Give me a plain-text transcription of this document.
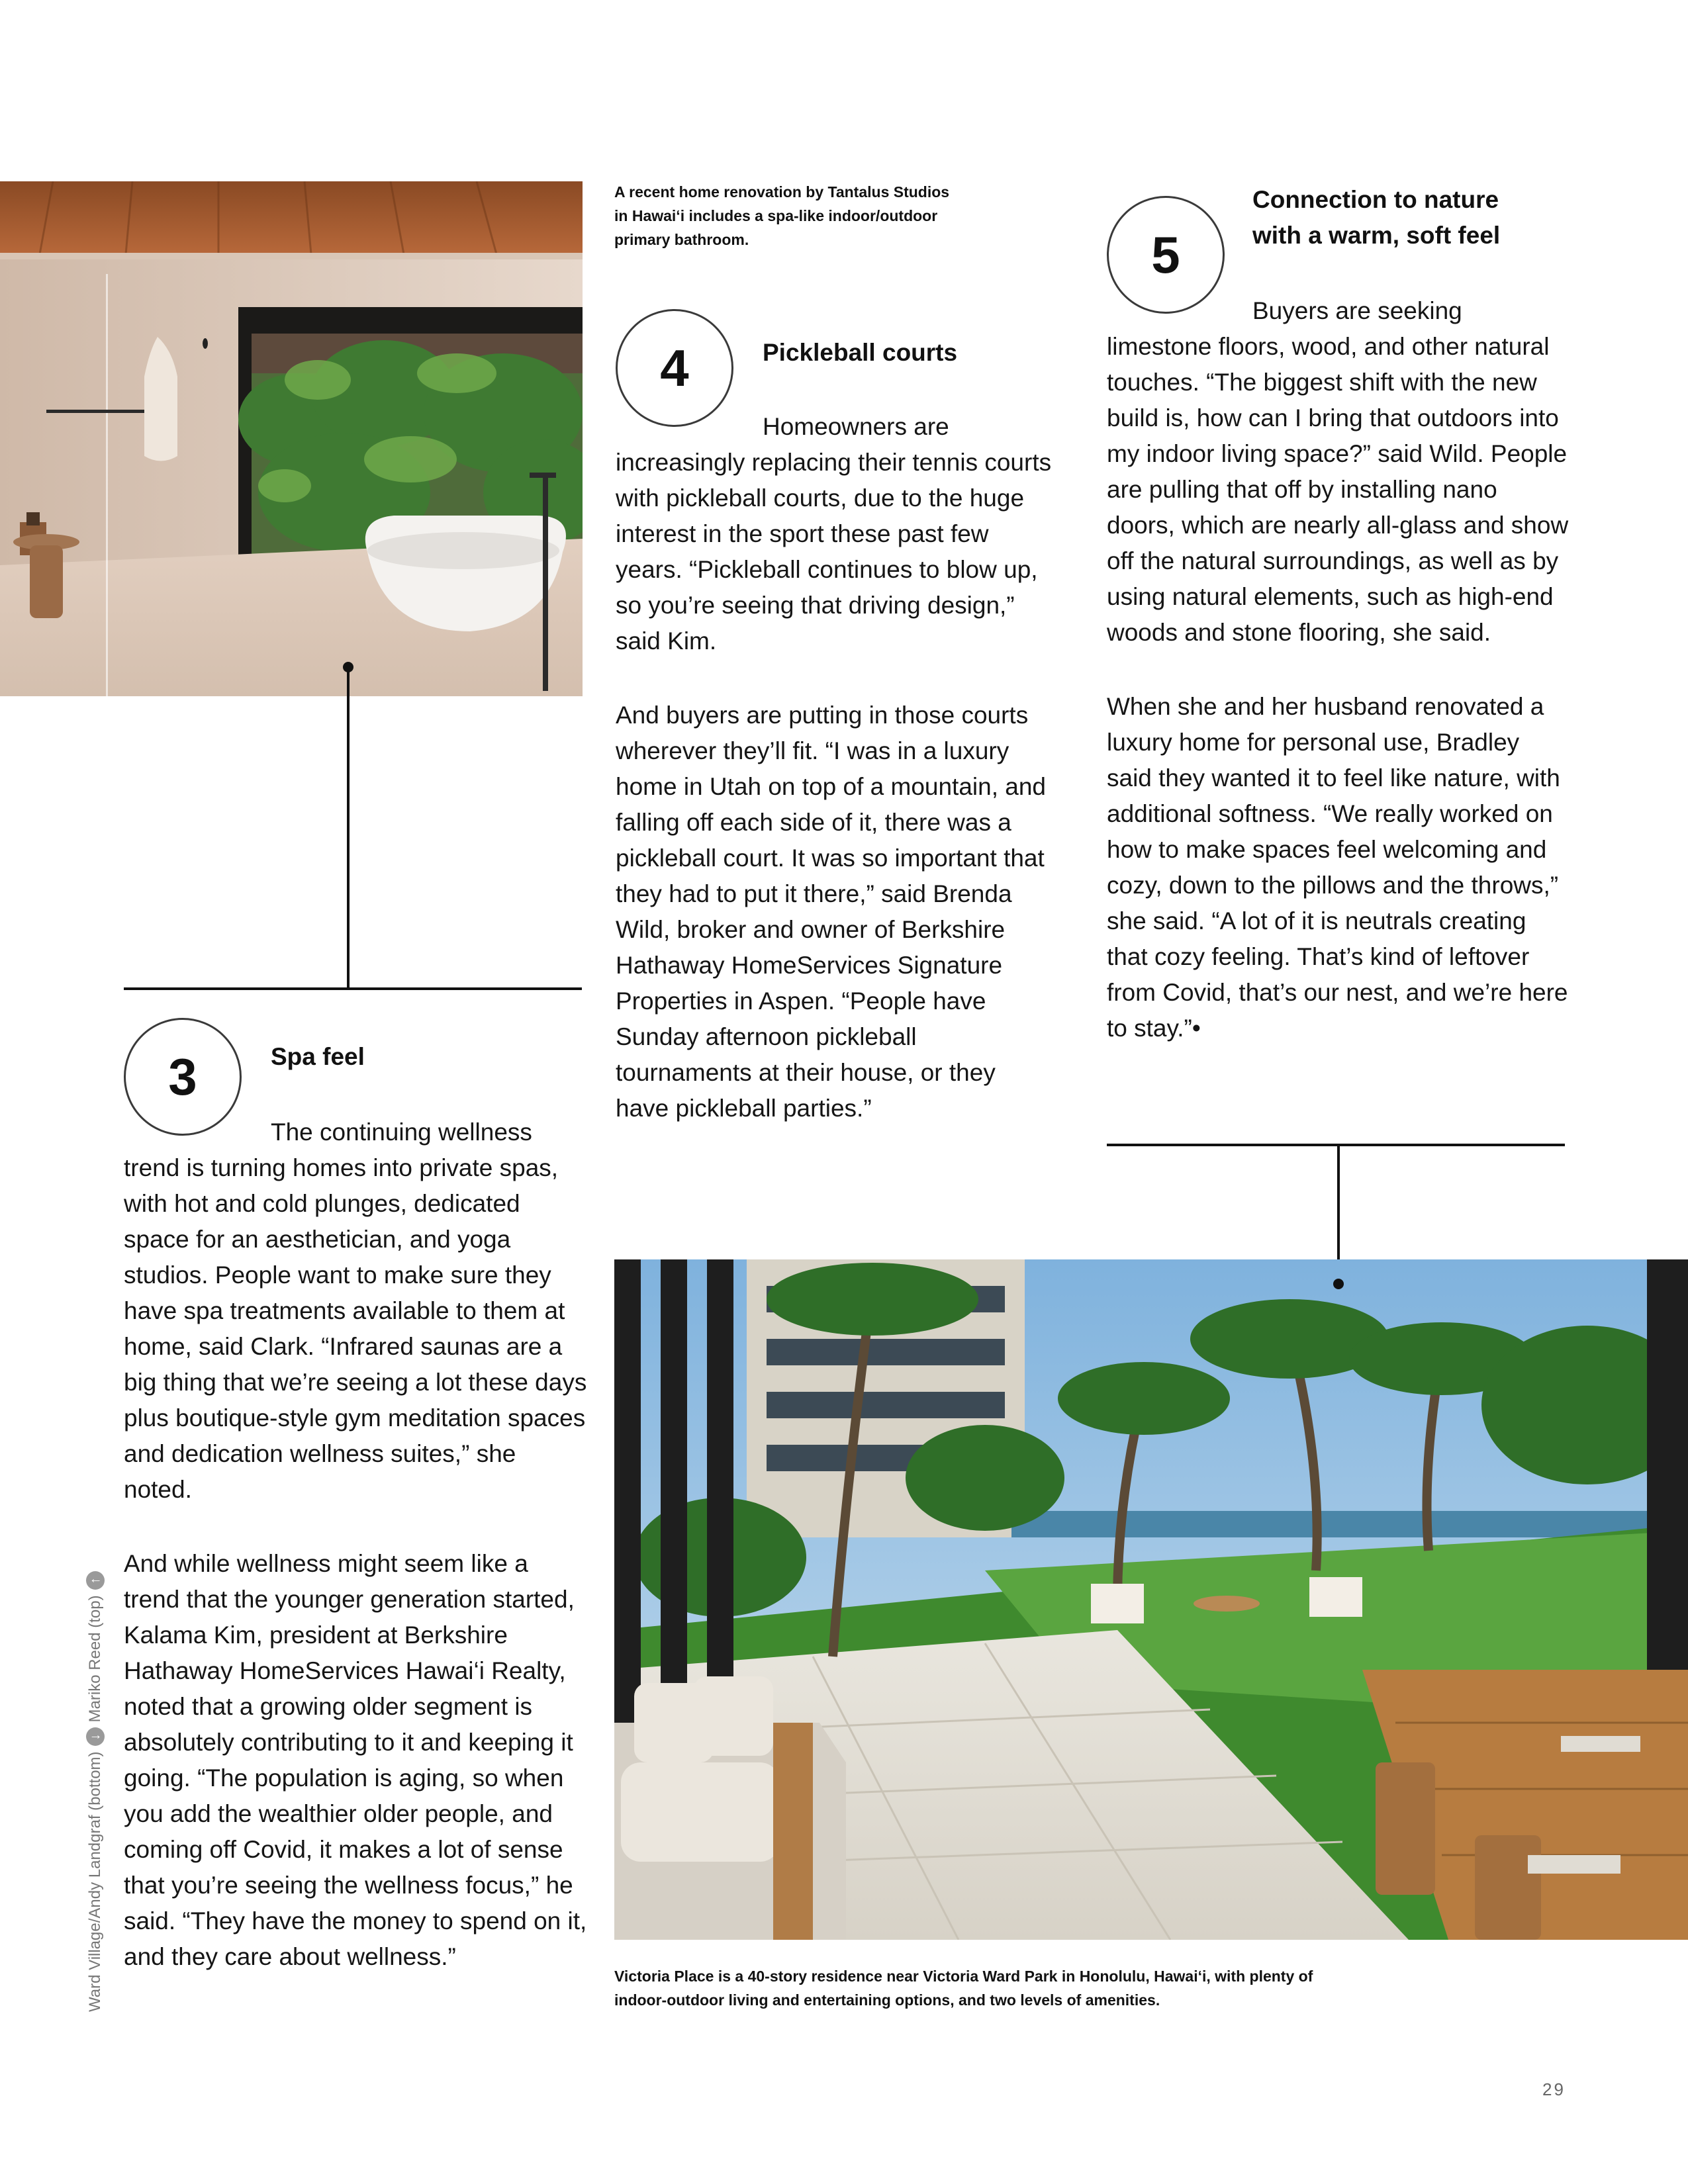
A recent home renovation by Tantalus Studios in Hawai‘i includes a spa-like indoor/outdoor primary bathroom.
3	Spa feel

The continuing wellness trend is turning homes into private spas, with hot and cold plunges, dedicated space for an aesthetician, and yoga studios. People want to make sure they have spa treatments available to them at home, said Clark. “Infrared saunas are a big thing that we’re seeing a lot these days plus boutique-style gym meditation spaces and dedication wellness suites,” she noted.

And while wellness might seem like a trend that the younger generation started, Kalama Kim, president at Berkshire Hathaway HomeServices Hawai‘i Realty, noted that a growing older segment is absolutely contributing to it and keeping it going. “The population is aging, so when you add the wealthier older people, and coming off Covid, it makes a lot of sense that you’re seeing the wellness focus,” he said. “They have the money to spend on it, and they care about wellness.”

4	Pickleball courts

Homeowners are increasingly replacing their tennis courts with pickleball courts, due to the huge interest in the sport these past few years. “Pickleball continues to blow up, so you’re seeing that driving design,” said Kim.

And buyers are putting in those courts wherever they’ll fit. “I was in a luxury home in Utah on top of a mountain, and falling off each side of it, there was a pickleball court. It was so important that they had to put it there,” said Brenda Wild, broker and owner of Berkshire Hathaway HomeServices Signature Properties in Aspen. “People have Sunday afternoon pickleball tournaments at their house, or they have pickleball parties.”

5
Connection to nature
with a warm, soft feel

Buyers are seeking limestone floors, wood, and other natural touches. “The biggest shift with the new build is, how can I bring that outdoors into my indoor living space?” said Wild. People are pulling that off by installing nano doors, which are nearly all-glass and show off the natural surroundings, as well as by using natural elements, such as high-end woods and stone flooring, she said.

When she and her husband renovated a luxury home for personal use, Bradley said they wanted it to feel like nature, with additional softness. “We really worked on how to make spaces feel welcoming and cozy, down to the pillows and the throws,” she said. “A lot of it is neutrals creating that cozy feeling. That’s kind of leftover from Covid, that’s our nest, and we’re here to stay.”•

Victoria Place is a 40-story residence near Victoria Ward Park in Honolulu, Hawai‘i, with plenty of
indoor-outdoor living and entertaining options, and two levels of amenities.
Ward Village/Andy Landgraf (bottom)
↓
Mariko Reed (top)
↑
29
